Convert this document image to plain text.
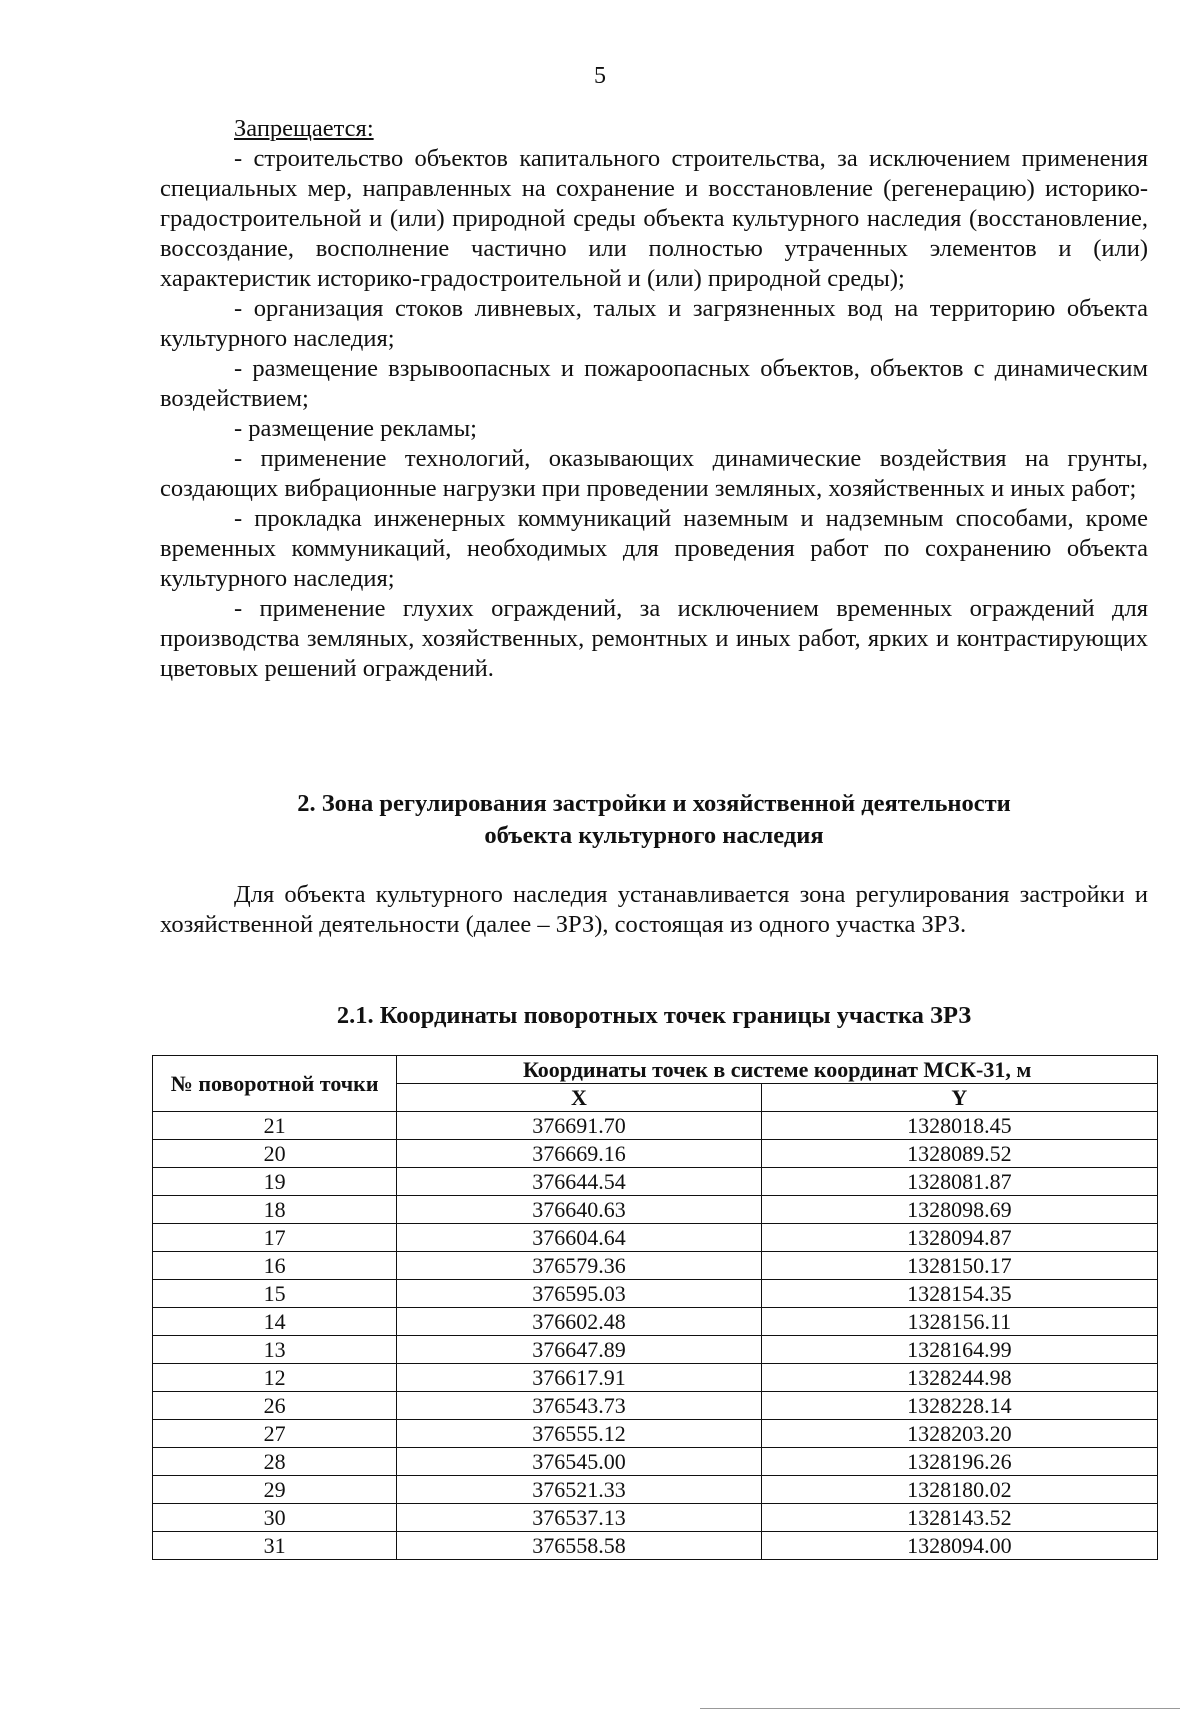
5

Запрещается:

- строительство объектов капитального строительства, за исключением применения специальных мер, направленных на сохранение и восстановление (регенерацию) историко-градостроительной и (или) природной среды объекта культурного наследия (восстановление, воссоздание, восполнение частично или полностью утраченных элементов и (или) характеристик историко-градостроительной и (или) природной среды);

- организация стоков ливневых, талых и загрязненных вод на территорию объекта культурного наследия;

- размещение взрывоопасных и пожароопасных объектов, объектов с динамическим воздействием;

- размещение рекламы;

- применение технологий, оказывающих динамические воздействия на грунты, создающих вибрационные нагрузки при проведении земляных, хозяйственных и иных работ;

- прокладка инженерных коммуникаций наземным и надземным способами, кроме временных коммуникаций, необходимых для проведения работ по сохранению объекта культурного наследия;

- применение глухих ограждений, за исключением временных ограждений для производства земляных, хозяйственных, ремонтных и иных работ, ярких и контрастирующих цветовых решений ограждений.

2. Зона регулирования застройки и хозяйственной деятельности
объекта культурного наследия

Для объекта культурного наследия устанавливается зона регулирования застройки и хозяйственной деятельности (далее – ЗРЗ), состоящая из одного участка ЗРЗ.

2.1. Координаты поворотных точек границы участка ЗРЗ
№ поворотной точки	Координаты точек в системе координат МСК-31, м	
	X	Y
21	376691.70	1328018.45
20	376669.16	1328089.52
19	376644.54	1328081.87
18	376640.63	1328098.69
17	376604.64	1328094.87
16	376579.36	1328150.17
15	376595.03	1328154.35
14	376602.48	1328156.11
13	376647.89	1328164.99
12	376617.91	1328244.98
26	376543.73	1328228.14
27	376555.12	1328203.20
28	376545.00	1328196.26
29	376521.33	1328180.02
30	376537.13	1328143.52
31	376558.58	1328094.00
